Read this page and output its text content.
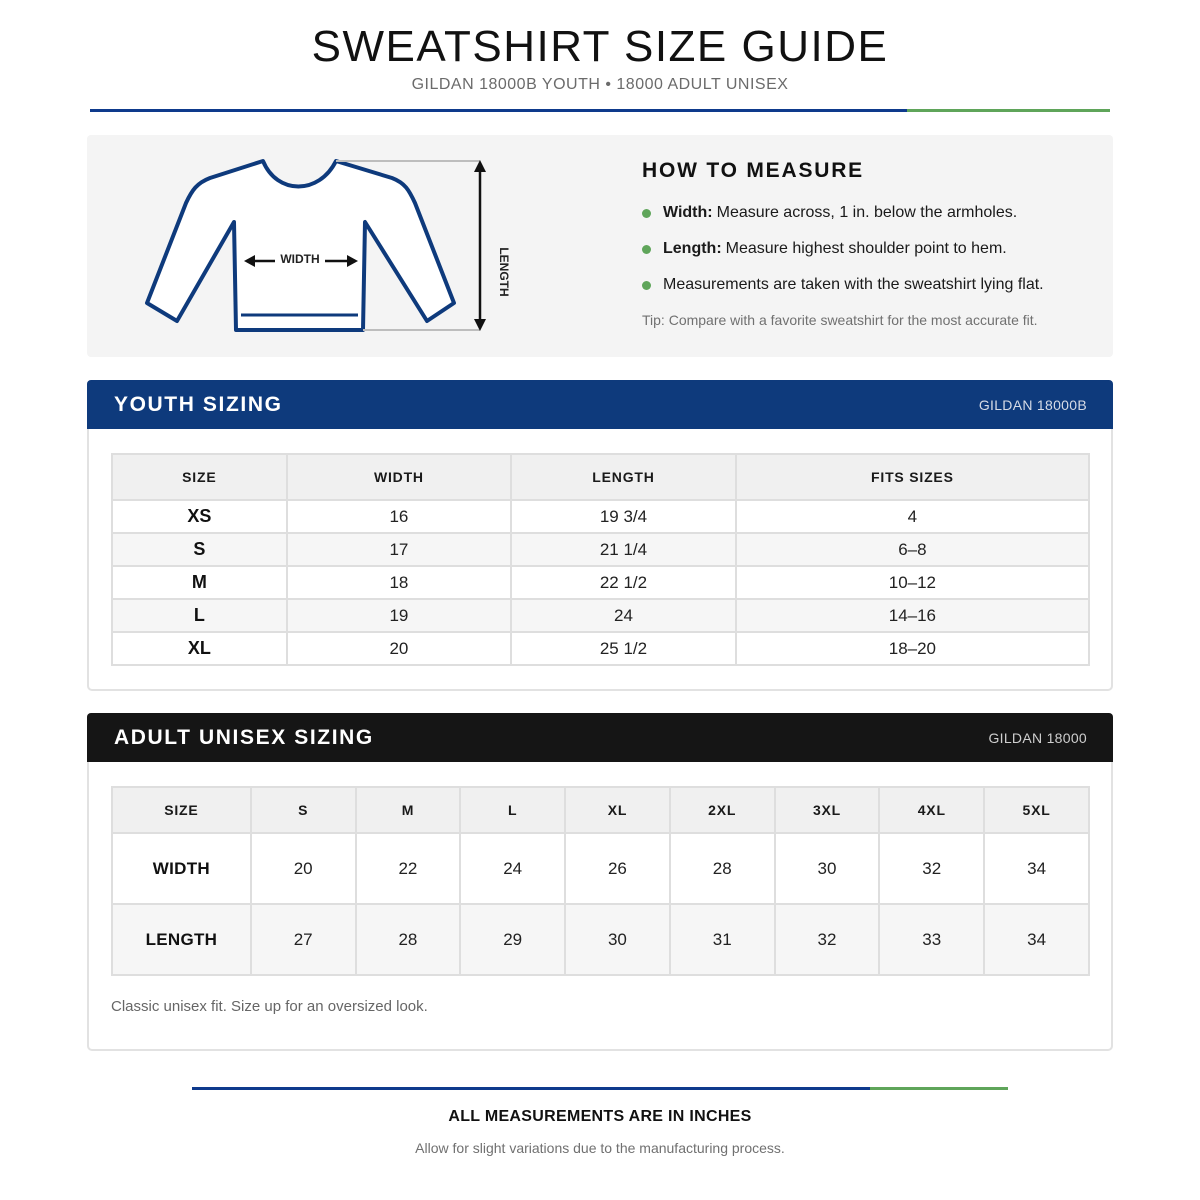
SWEATSHIRT SIZE GUIDE
GILDAN 18000B YOUTH • 18000 ADULT UNISEX
WIDTH	LENGTH
HOW TO MEASURE
Width: Measure across, 1 in. below the armholes.
Length: Measure highest shoulder point to hem.
Measurements are taken with the sweatshirt lying flat.
Tip: Compare with a favorite sweatshirt for the most accurate fit.
YOUTH SIZING	GILDAN 18000B
SIZE	WIDTH	LENGTH	FITS SIZES
XS	16	19 3/4	4
S	17	21 1/4	6–8
M	18	22 1/2	10–12
L	19	24	14–16
XL	20	25 1/2	18–20
ADULT UNISEX SIZING	GILDAN 18000
SIZE	S	M	L	XL	2XL	3XL	4XL	5XL
WIDTH	20	22	24	26	28	30	32	34
LENGTH	27	28	29	30	31	32	33	34
Classic unisex fit. Size up for an oversized look.
ALL MEASUREMENTS ARE IN INCHES
Allow for slight variations due to the manufacturing process.
